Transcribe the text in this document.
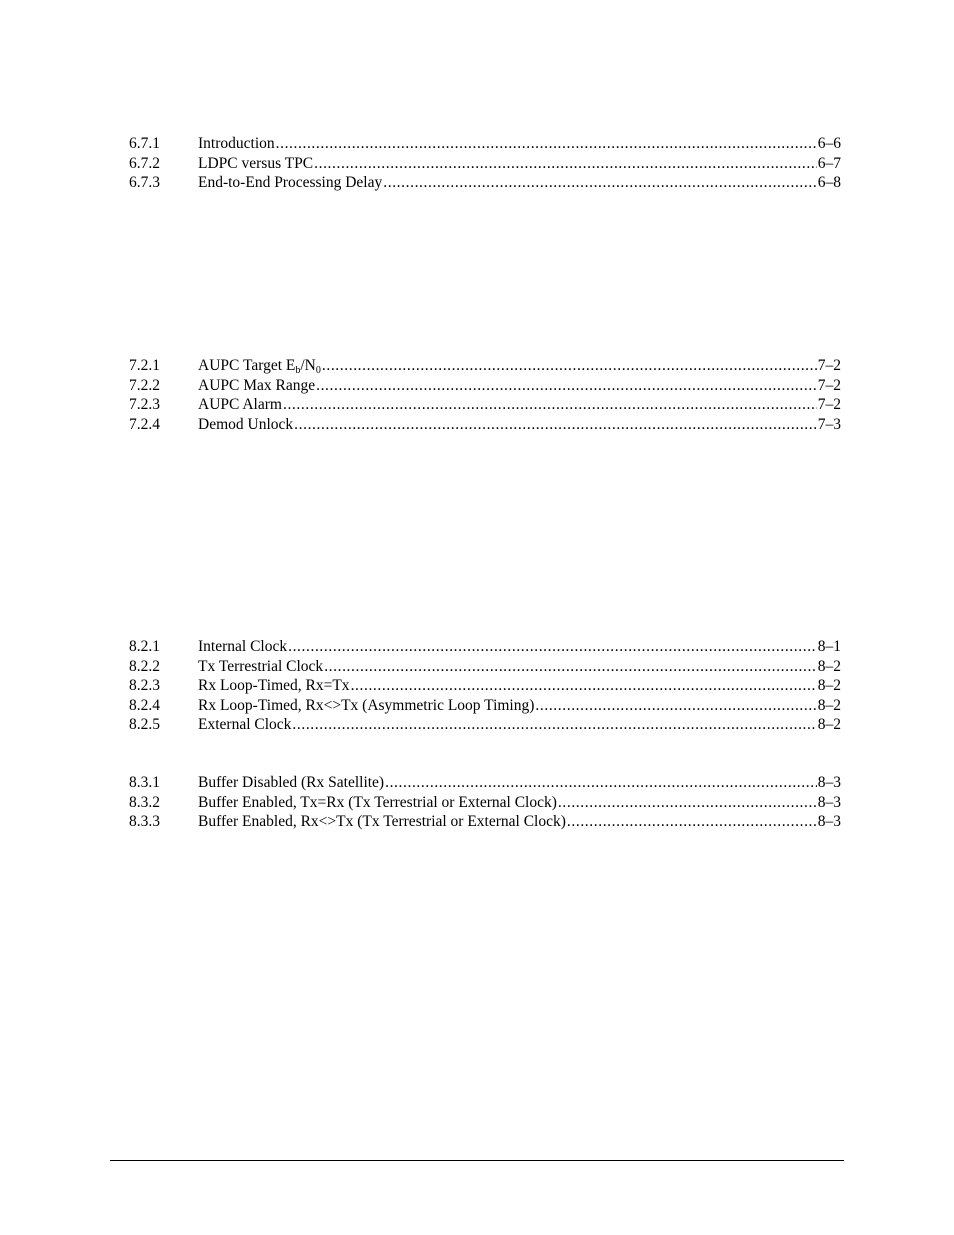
6.7.1	Introduction .....	6–6
6.7.2	LDPC versus TPC .....	6–7
6.7.3	End-to-End Processing Delay .....	6–8
7.2.1	AUPC Target $E_b/N_0$ .....	7–2
7.2.2	AUPC Max Range .....	7–2
7.2.3	AUPC Alarm .....	7–2
7.2.4	Demod Unlock .....	7–3
8.2.1	Internal Clock .....	8–1
8.2.2	Tx Terrestrial Clock .....	8–2
8.2.3	Rx Loop-Timed, Rx=Tx .....	8–2
8.2.4	Rx Loop-Timed, Rx<>Tx (Asymmetric Loop Timing) .....	8–2
8.2.5	External Clock .....	8–2
8.3.1	Buffer Disabled (Rx Satellite) .....	8–3
8.3.2	Buffer Enabled, Tx=Rx (Tx Terrestrial or External Clock) .....	8–3
8.3.3	Buffer Enabled, Rx<>Tx (Tx Terrestrial or External Clock) .....	8–3
